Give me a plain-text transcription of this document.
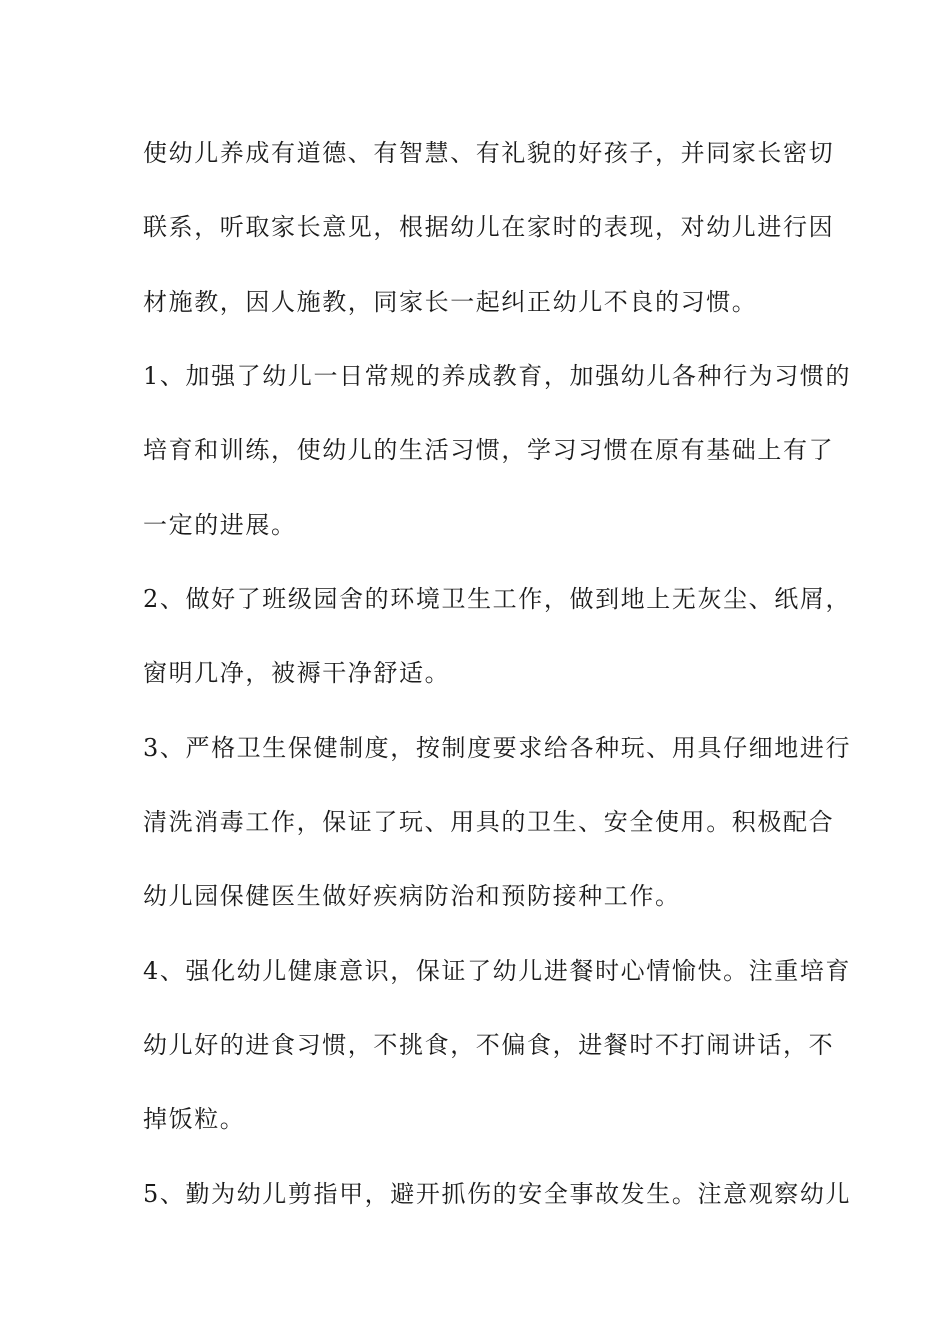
使幼儿养成有道德、有智慧、有礼貌的好孩子，并同家长密切
联系，听取家长意见，根据幼儿在家时的表现，对幼儿进行因
材施教，因人施教，同家长一起纠正幼儿不良的习惯。
1、加强了幼儿一日常规的养成教育，加强幼儿各种行为习惯的
培育和训练，使幼儿的生活习惯，学习习惯在原有基础上有了
一定的进展。
2、做好了班级园舍的环境卫生工作，做到地上无灰尘、纸屑，
窗明几净，被褥干净舒适。
3、严格卫生保健制度，按制度要求给各种玩、用具仔细地进行
清洗消毒工作，保证了玩、用具的卫生、安全使用。积极配合
幼儿园保健医生做好疾病防治和预防接种工作。
4、强化幼儿健康意识，保证了幼儿进餐时心情愉快。注重培育
幼儿好的进食习惯，不挑食，不偏食，进餐时不打闹讲话，不
掉饭粒。
5、勤为幼儿剪指甲，避开抓伤的安全事故发生。注意观察幼儿
